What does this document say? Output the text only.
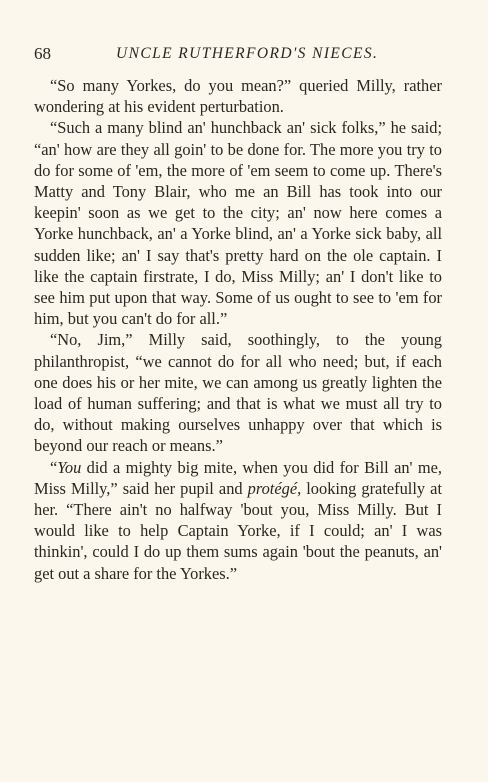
68	UNCLE RUTHERFORD'S NIECES.

“So many Yorkes, do you mean?” queried Milly, rather wondering at his evident perturbation.

“Such a many blind an' hunchback an' sick folks,” he said; “an' how are they all goin' to be done for. The more you try to do for some of 'em, the more of 'em seem to come up. There's Matty and Tony Blair, who me an Bill has took into our keepin' soon as we get to the city; an' now here comes a Yorke hunchback, an' a Yorke blind, an' a Yorke sick baby, all sudden like; an' I say that's pretty hard on the ole captain. I like the captain firstrate, I do, Miss Milly; an' I don't like to see him put upon that way. Some of us ought to see to 'em for him, but you can't do for all.”

“No, Jim,” Milly said, soothingly, to the young philanthropist, “we cannot do for all who need; but, if each one does his or her mite, we can among us greatly lighten the load of human suffering; and that is what we must all try to do, without making ourselves unhappy over that which is beyond our reach or means.”

“You did a mighty big mite, when you did for Bill an' me, Miss Milly,” said her pupil and protégé, looking gratefully at her. “There ain't no halfway 'bout you, Miss Milly. But I would like to help Captain Yorke, if I could; an' I was thinkin', could I do up them sums again 'bout the peanuts, an' get out a share for the Yorkes.”
